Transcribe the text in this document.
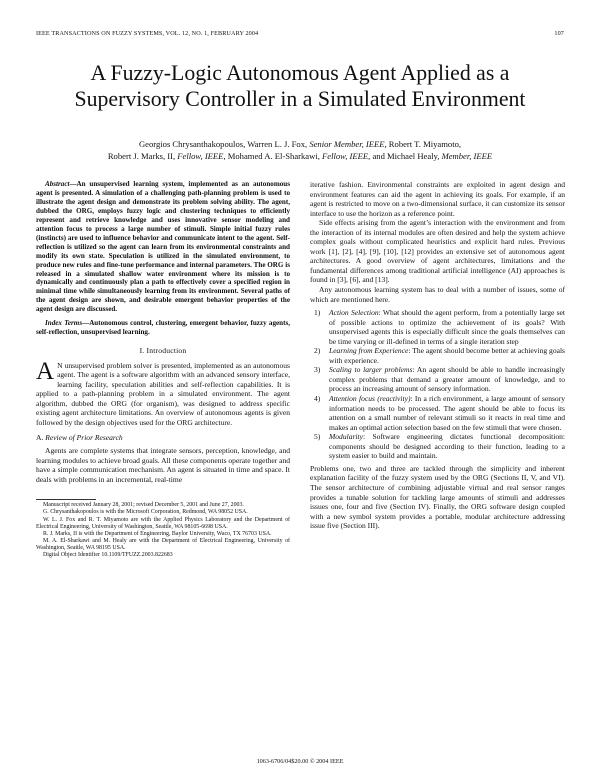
IEEE TRANSACTIONS ON FUZZY SYSTEMS, VOL. 12, NO. 1, FEBRUARY 2004	107
A Fuzzy-Logic Autonomous Agent Applied as a
Supervisory Controller in a Simulated Environment
Georgios Chrysanthakopoulos, Warren L. J. Fox, Senior Member, IEEE, Robert T. Miyamoto,
Robert J. Marks, II, Fellow, IEEE, Mohamed A. El-Sharkawi, Fellow, IEEE, and Michael Healy, Member, IEEE

Abstract—An unsupervised learning system, implemented as an autonomous agent is presented. A simulation of a challenging path-planning problem is used to illustrate the agent design and demonstrate its problem solving ability. The agent, dubbed the ORG, employs fuzzy logic and clustering techniques to efficiently represent and retrieve knowledge and uses innovative sensor modeling and attention focus to process a large number of stimuli. Simple initial fuzzy rules (instincts) are used to influence behavior and communicate intent to the agent. Self-reflection is utilized so the agent can learn from its environmental constraints and modify its own state. Speculation is utilized in the simulated environment, to produce new rules and fine-tune performance and internal parameters. The ORG is released in a simulated shallow water environment where its mission is to dynamically and continuously plan a path to effectively cover a specified region in minimal time while simultaneously learning from its environment. Several paths of the agent design are shown, and desirable emergent behavior properties of the agent design are discussed.

Index Terms—Autonomous control, clustering, emergent behavior, fuzzy agents, self-reflection, unsupervised learning.

I. Introduction

A N unsupervised problem solver is presented, implemented as an autonomous agent. The agent is a software algorithm with an advanced sensory interface, learning facility, speculation abilities and self-reflection capabilities. It is applied to a path-planning problem in a simulated environment. The agent algorithm, dubbed the ORG (for organism), was designed to address specific existing agent architecture limitations. An overview of autonomous agents is given followed by the design objectives used for the ORG architecture.

A. Review of Prior Research

Agents are complete systems that integrate sensors, perception, knowledge, and learning modules to achieve broad goals. All these components operate together and have a simple communication mechanism. An agent is situated in time and space. It deals with problems in an incremental, real-time

Manuscript received January 28, 2001; revised December 5, 2001 and June 27, 2003.

G. Chrysanthakopoulos is with the Microsoft Corporation, Redmond, WA 98052 USA.

W. L. J. Fox and R. T. Miyamoto are with the Applied Physics Laboratory and the Department of Electrical Engineering, University of Washington, Seattle, WA 98105-6698 USA.

R. J. Marks, II is with the Department of Engineering, Baylor University, Waco, TX 76703 USA.

M. A. El-Sharkawi and M. Healy are with the Department of Electrical Engineering, University of Washington, Seattle, WA 98195 USA.

Digital Object Identifier 10.1109/TFUZZ.2003.822683

iterative fashion. Environmental constraints are exploited in agent design and environment features can aid the agent in achieving its goals. For example, if an agent is restricted to move on a two-dimensional surface, it can customize its sensor interface to use the horizon as a reference point.

Side effects arising from the agent’s interaction with the environment and from the interaction of its internal modules are often desired and help the system achieve complex goals without complicated heuristics and explicit hard rules. Previous work [1], [2], [4], [9], [10], [12] provides an extensive set of autonomous agent architectures. A good overview of agent architectures, limitations and the fundamental differences among traditional artificial intelligence (AI) approaches is found in [3], [6], and [13].

Any autonomous learning system has to deal with a number of issues, some of which are mentioned here.

1) Action Selection: What should the agent perform, from a potentially large set of possible actions to optimize the achievement of its goals? With unsupervised agents this is especially difficult since the goals themselves can be time varying or ill-defined in terms of a single iteration step
2) Learning from Experience: The agent should become better at achieving goals with experience.
3) Scaling to larger problems: An agent should be able to handle increasingly complex problems that demand a greater amount of knowledge, and to process an increasing amount of sensory information.
4) Attention focus (reactivity): In a rich environment, a large amount of sensory information needs to be processed. The agent should be able to focus its attention on a small number of relevant stimuli so it reacts in real time and makes an optimal action selection based on the few stimuli that were chosen.
5) Modularity: Software engineering dictates functional decomposition: components should be designed according to their function, leading to a system easier to build and maintain.

Problems one, two and three are tackled through the simplicity and inherent explanation facility of the fuzzy system used by the ORG (Sections II, V, and VI). The sensor architecture of combining adjustable virtual and real sensor ranges provides a tunable solution for tackling large amounts of stimuli and addresses issues one, four and five (Section IV). Finally, the ORG software design coupled with a new symbol system provides a portable, modular architecture addressing issue five (Section III).

1063-6706/04$20.00 © 2004 IEEE
